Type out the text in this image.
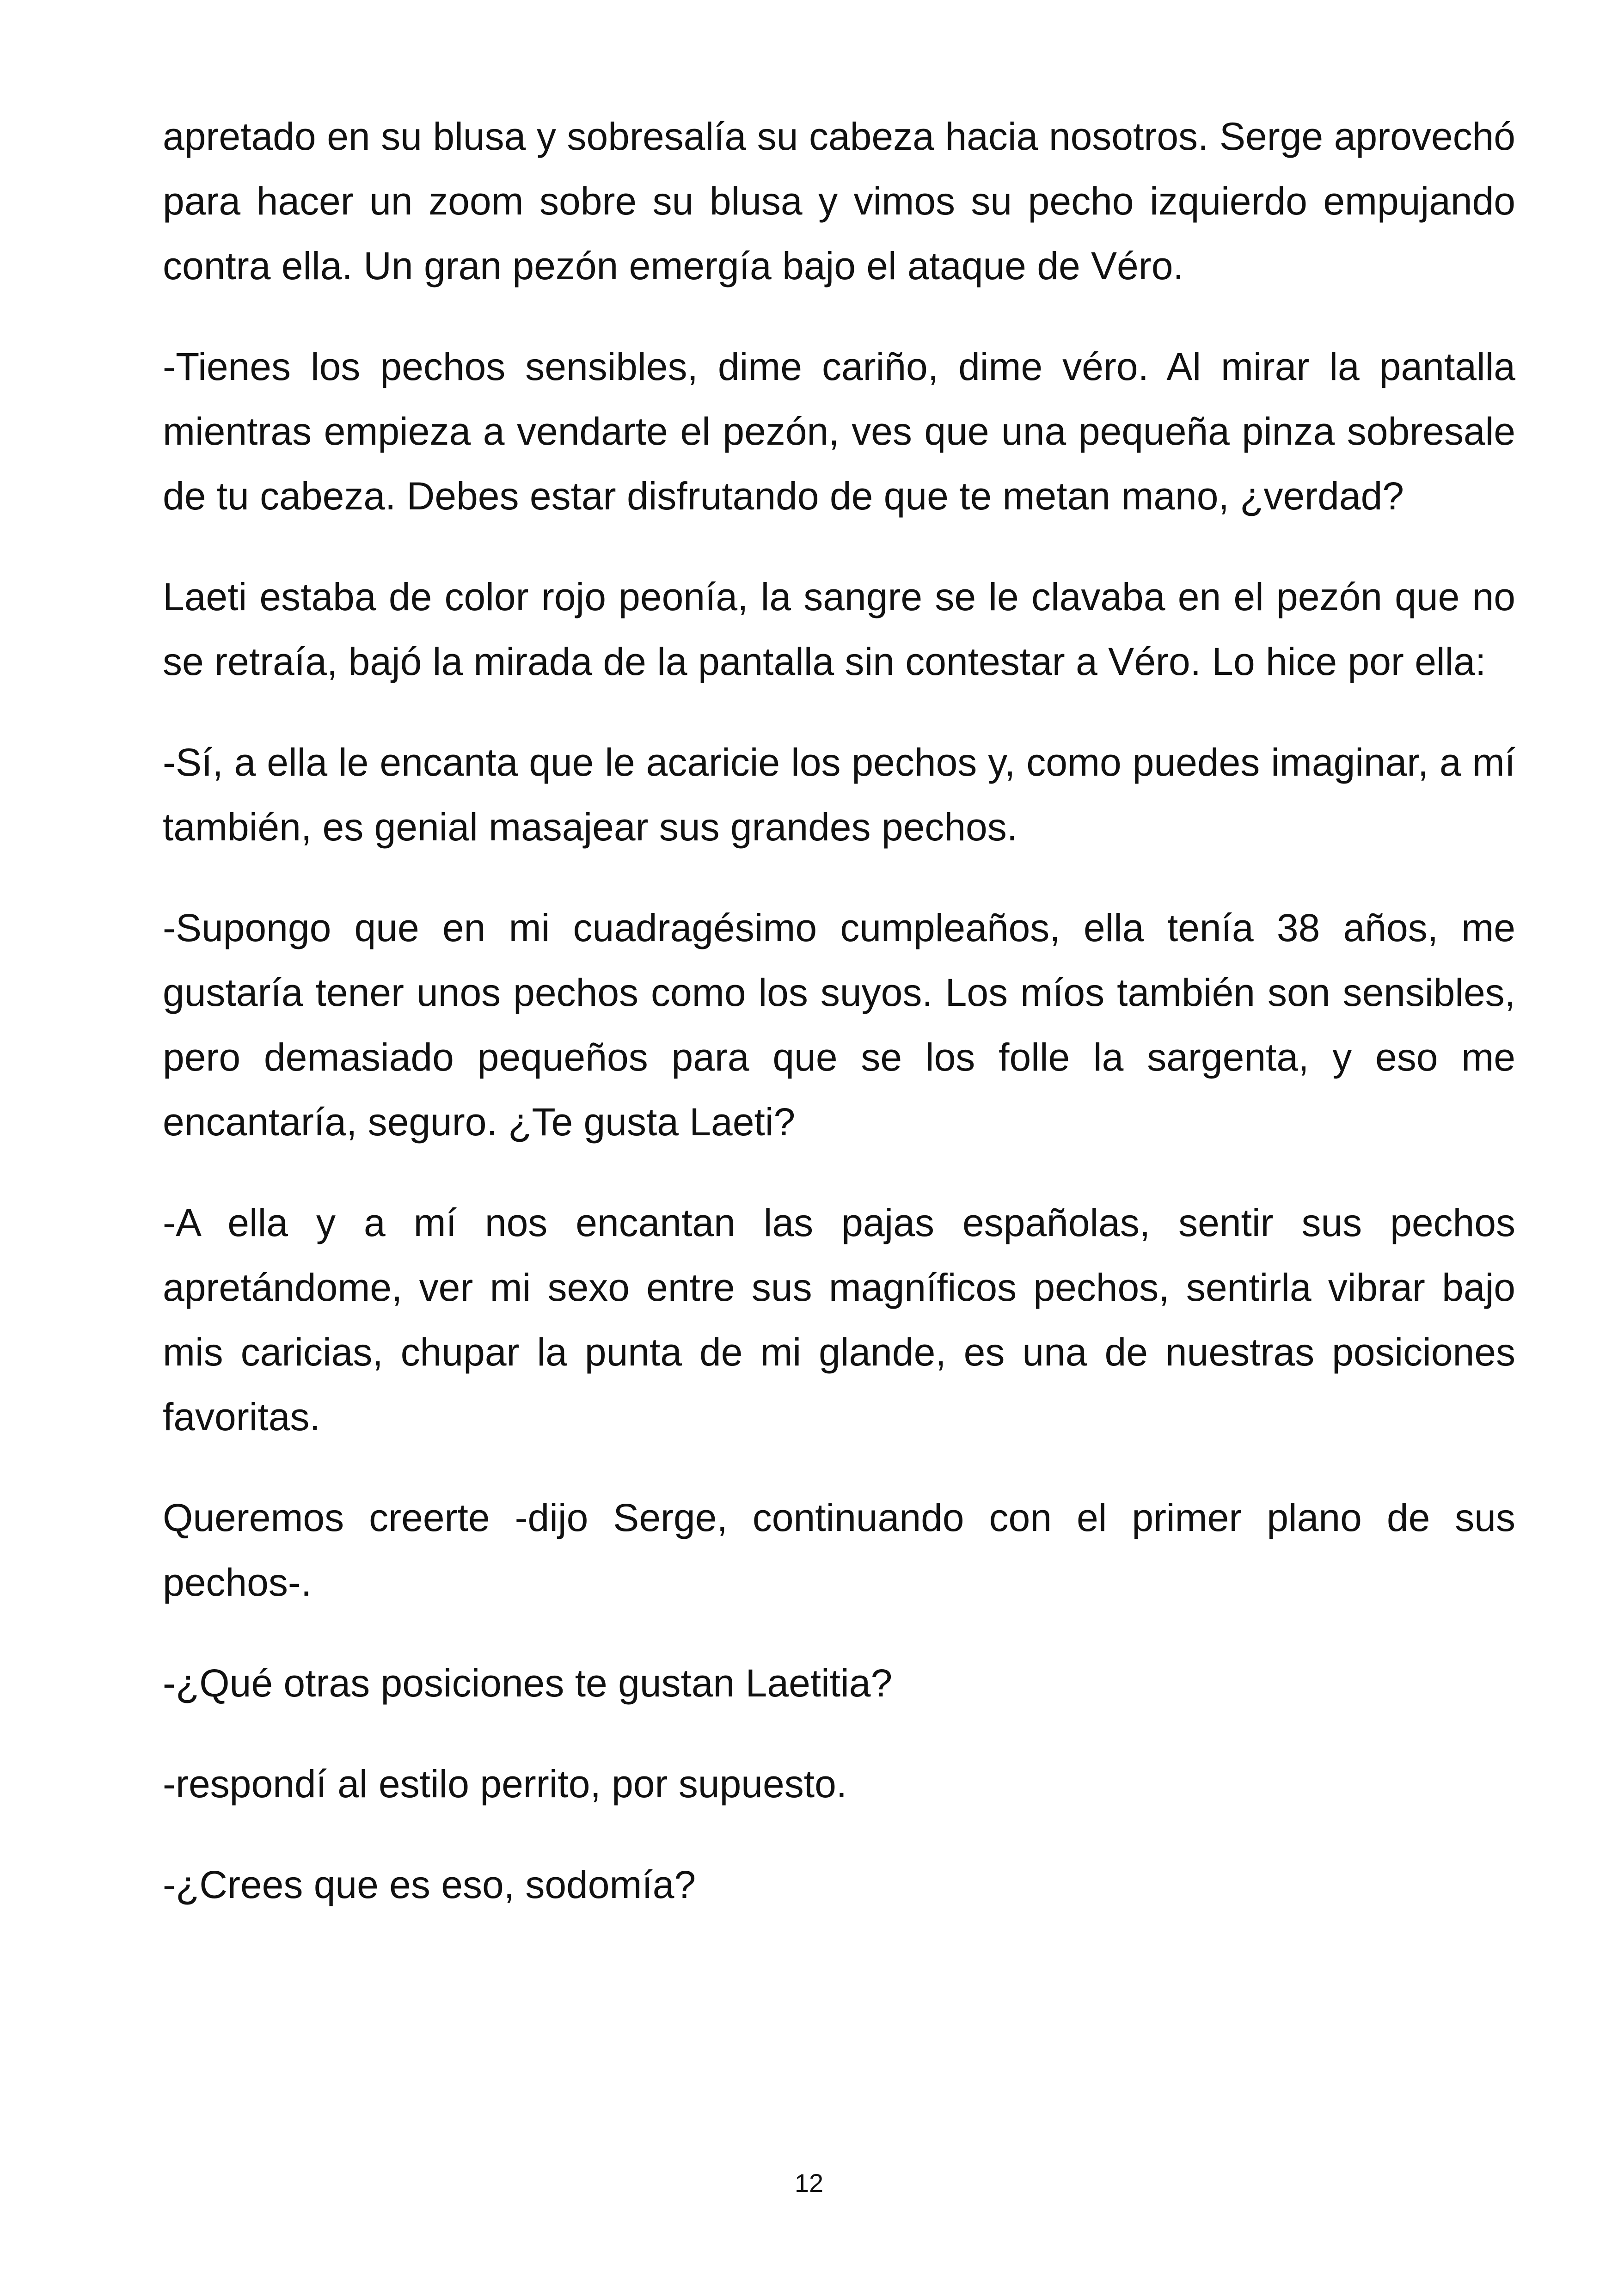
apretado en su blusa y sobresalía su cabeza hacia nosotros. Serge aprovechó para hacer un zoom sobre su blusa y vimos su pecho izquierdo empujando contra ella. Un gran pezón emergía bajo el ataque de Véro.

-Tienes los pechos sensibles, dime cariño, dime véro. Al mirar la pantalla mientras empieza a vendarte el pezón, ves que una pequeña pinza sobresale de tu cabeza. Debes estar disfrutando de que te metan mano, ¿verdad?

Laeti estaba de color rojo peonía, la sangre se le clavaba en el pezón que no se retraía, bajó la mirada de la pantalla sin contestar a Véro. Lo hice por ella:

-Sí, a ella le encanta que le acaricie los pechos y, como puedes imaginar, a mí también, es genial masajear sus grandes pechos.

-Supongo que en mi cuadragésimo cumpleaños, ella tenía 38 años, me gustaría tener unos pechos como los suyos. Los míos también son sensibles, pero demasiado pequeños para que se los folle la sargenta, y eso me encantaría, seguro. ¿Te gusta Laeti?

-A ella y a mí nos encantan las pajas españolas, sentir sus pechos apretándome, ver mi sexo entre sus magníficos pechos, sentirla vibrar bajo mis caricias, chupar la punta de mi glande, es una de nuestras posiciones favoritas.

Queremos creerte -dijo Serge, continuando con el primer plano de sus pechos-.

-¿Qué otras posiciones te gustan Laetitia?

-respondí al estilo perrito, por supuesto.

-¿Crees que es eso, sodomía?

12
